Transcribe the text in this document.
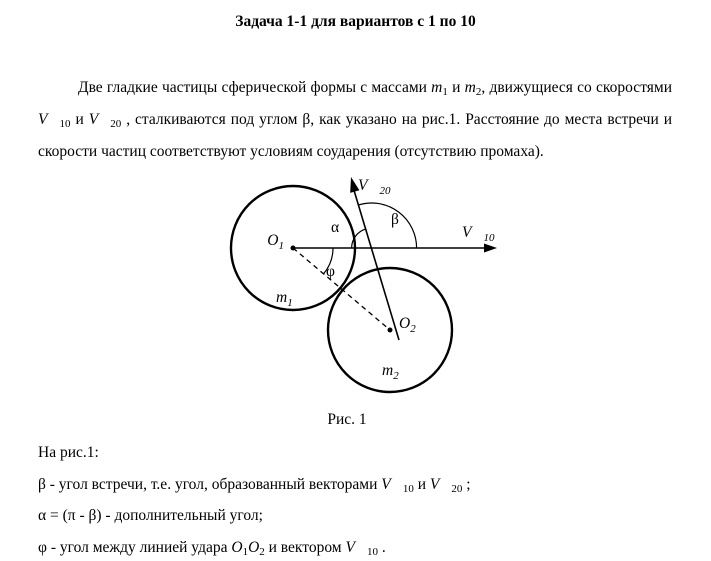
Задача 1-1 для вариантов с 1 по 10

Две гладкие частицы сферической формы с массами $m_1$ и $m_2$, движущиеся со скоростями $V⃗_{10}$ и $V⃗_{20}$ , сталкиваются под углом β, как указано на рис.1. Расстояние до места встречи и скорости частиц соответствуют условиям соударения (отсутствию промаха).

$V⃗_{20}$
$V⃗_{10}$
β
α
φ
$O_1$
$O_2$
$m_1$
$m_2$
Рис. 1

На рис.1:

β - угол встречи, т.е. угол, образованный векторами $V⃗_{10}$ и $V⃗_{20}$ ;

α = (π - β) - дополнительный угол;

φ - угол между линией удара $O_1O_2$ и вектором $V⃗_{10}$ .
